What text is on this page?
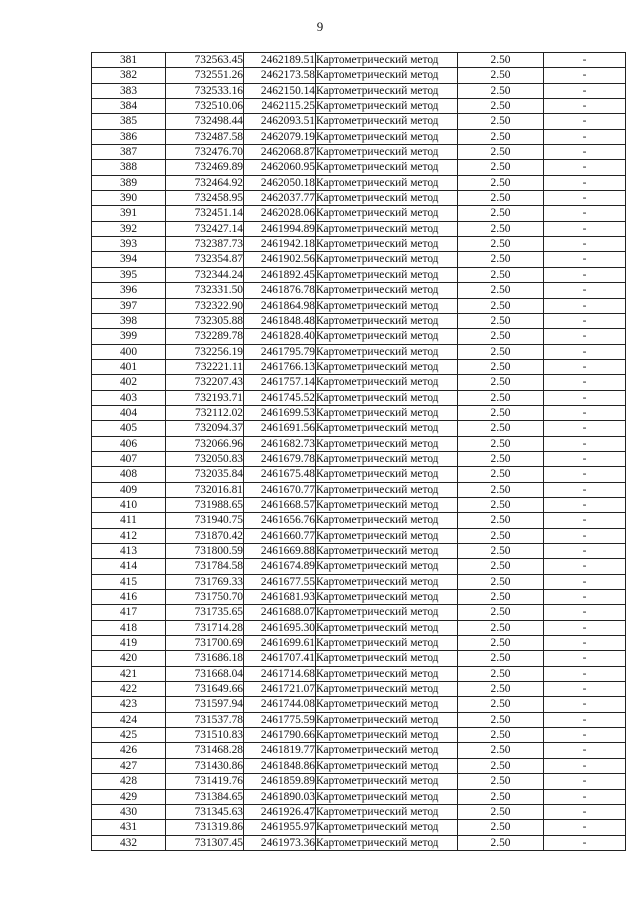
9
381	732563.45	2462189.51	Картометрический метод	2.50	-
382	732551.26	2462173.58	Картометрический метод	2.50	-
383	732533.16	2462150.14	Картометрический метод	2.50	-
384	732510.06	2462115.25	Картометрический метод	2.50	-
385	732498.44	2462093.51	Картометрический метод	2.50	-
386	732487.58	2462079.19	Картометрический метод	2.50	-
387	732476.70	2462068.87	Картометрический метод	2.50	-
388	732469.89	2462060.95	Картометрический метод	2.50	-
389	732464.92	2462050.18	Картометрический метод	2.50	-
390	732458.95	2462037.77	Картометрический метод	2.50	-
391	732451.14	2462028.06	Картометрический метод	2.50	-
392	732427.14	2461994.89	Картометрический метод	2.50	-
393	732387.73	2461942.18	Картометрический метод	2.50	-
394	732354.87	2461902.56	Картометрический метод	2.50	-
395	732344.24	2461892.45	Картометрический метод	2.50	-
396	732331.50	2461876.78	Картометрический метод	2.50	-
397	732322.90	2461864.98	Картометрический метод	2.50	-
398	732305.88	2461848.48	Картометрический метод	2.50	-
399	732289.78	2461828.40	Картометрический метод	2.50	-
400	732256.19	2461795.79	Картометрический метод	2.50	-
401	732221.11	2461766.13	Картометрический метод	2.50	-
402	732207.43	2461757.14	Картометрический метод	2.50	-
403	732193.71	2461745.52	Картометрический метод	2.50	-
404	732112.02	2461699.53	Картометрический метод	2.50	-
405	732094.37	2461691.56	Картометрический метод	2.50	-
406	732066.96	2461682.73	Картометрический метод	2.50	-
407	732050.83	2461679.78	Картометрический метод	2.50	-
408	732035.84	2461675.48	Картометрический метод	2.50	-
409	732016.81	2461670.77	Картометрический метод	2.50	-
410	731988.65	2461668.57	Картометрический метод	2.50	-
411	731940.75	2461656.76	Картометрический метод	2.50	-
412	731870.42	2461660.77	Картометрический метод	2.50	-
413	731800.59	2461669.88	Картометрический метод	2.50	-
414	731784.58	2461674.89	Картометрический метод	2.50	-
415	731769.33	2461677.55	Картометрический метод	2.50	-
416	731750.70	2461681.93	Картометрический метод	2.50	-
417	731735.65	2461688.07	Картометрический метод	2.50	-
418	731714.28	2461695.30	Картометрический метод	2.50	-
419	731700.69	2461699.61	Картометрический метод	2.50	-
420	731686.18	2461707.41	Картометрический метод	2.50	-
421	731668.04	2461714.68	Картометрический метод	2.50	-
422	731649.66	2461721.07	Картометрический метод	2.50	-
423	731597.94	2461744.08	Картометрический метод	2.50	-
424	731537.78	2461775.59	Картометрический метод	2.50	-
425	731510.83	2461790.66	Картометрический метод	2.50	-
426	731468.28	2461819.77	Картометрический метод	2.50	-
427	731430.86	2461848.86	Картометрический метод	2.50	-
428	731419.76	2461859.89	Картометрический метод	2.50	-
429	731384.65	2461890.03	Картометрический метод	2.50	-
430	731345.63	2461926.47	Картометрический метод	2.50	-
431	731319.86	2461955.97	Картометрический метод	2.50	-
432	731307.45	2461973.36	Картометрический метод	2.50	-
